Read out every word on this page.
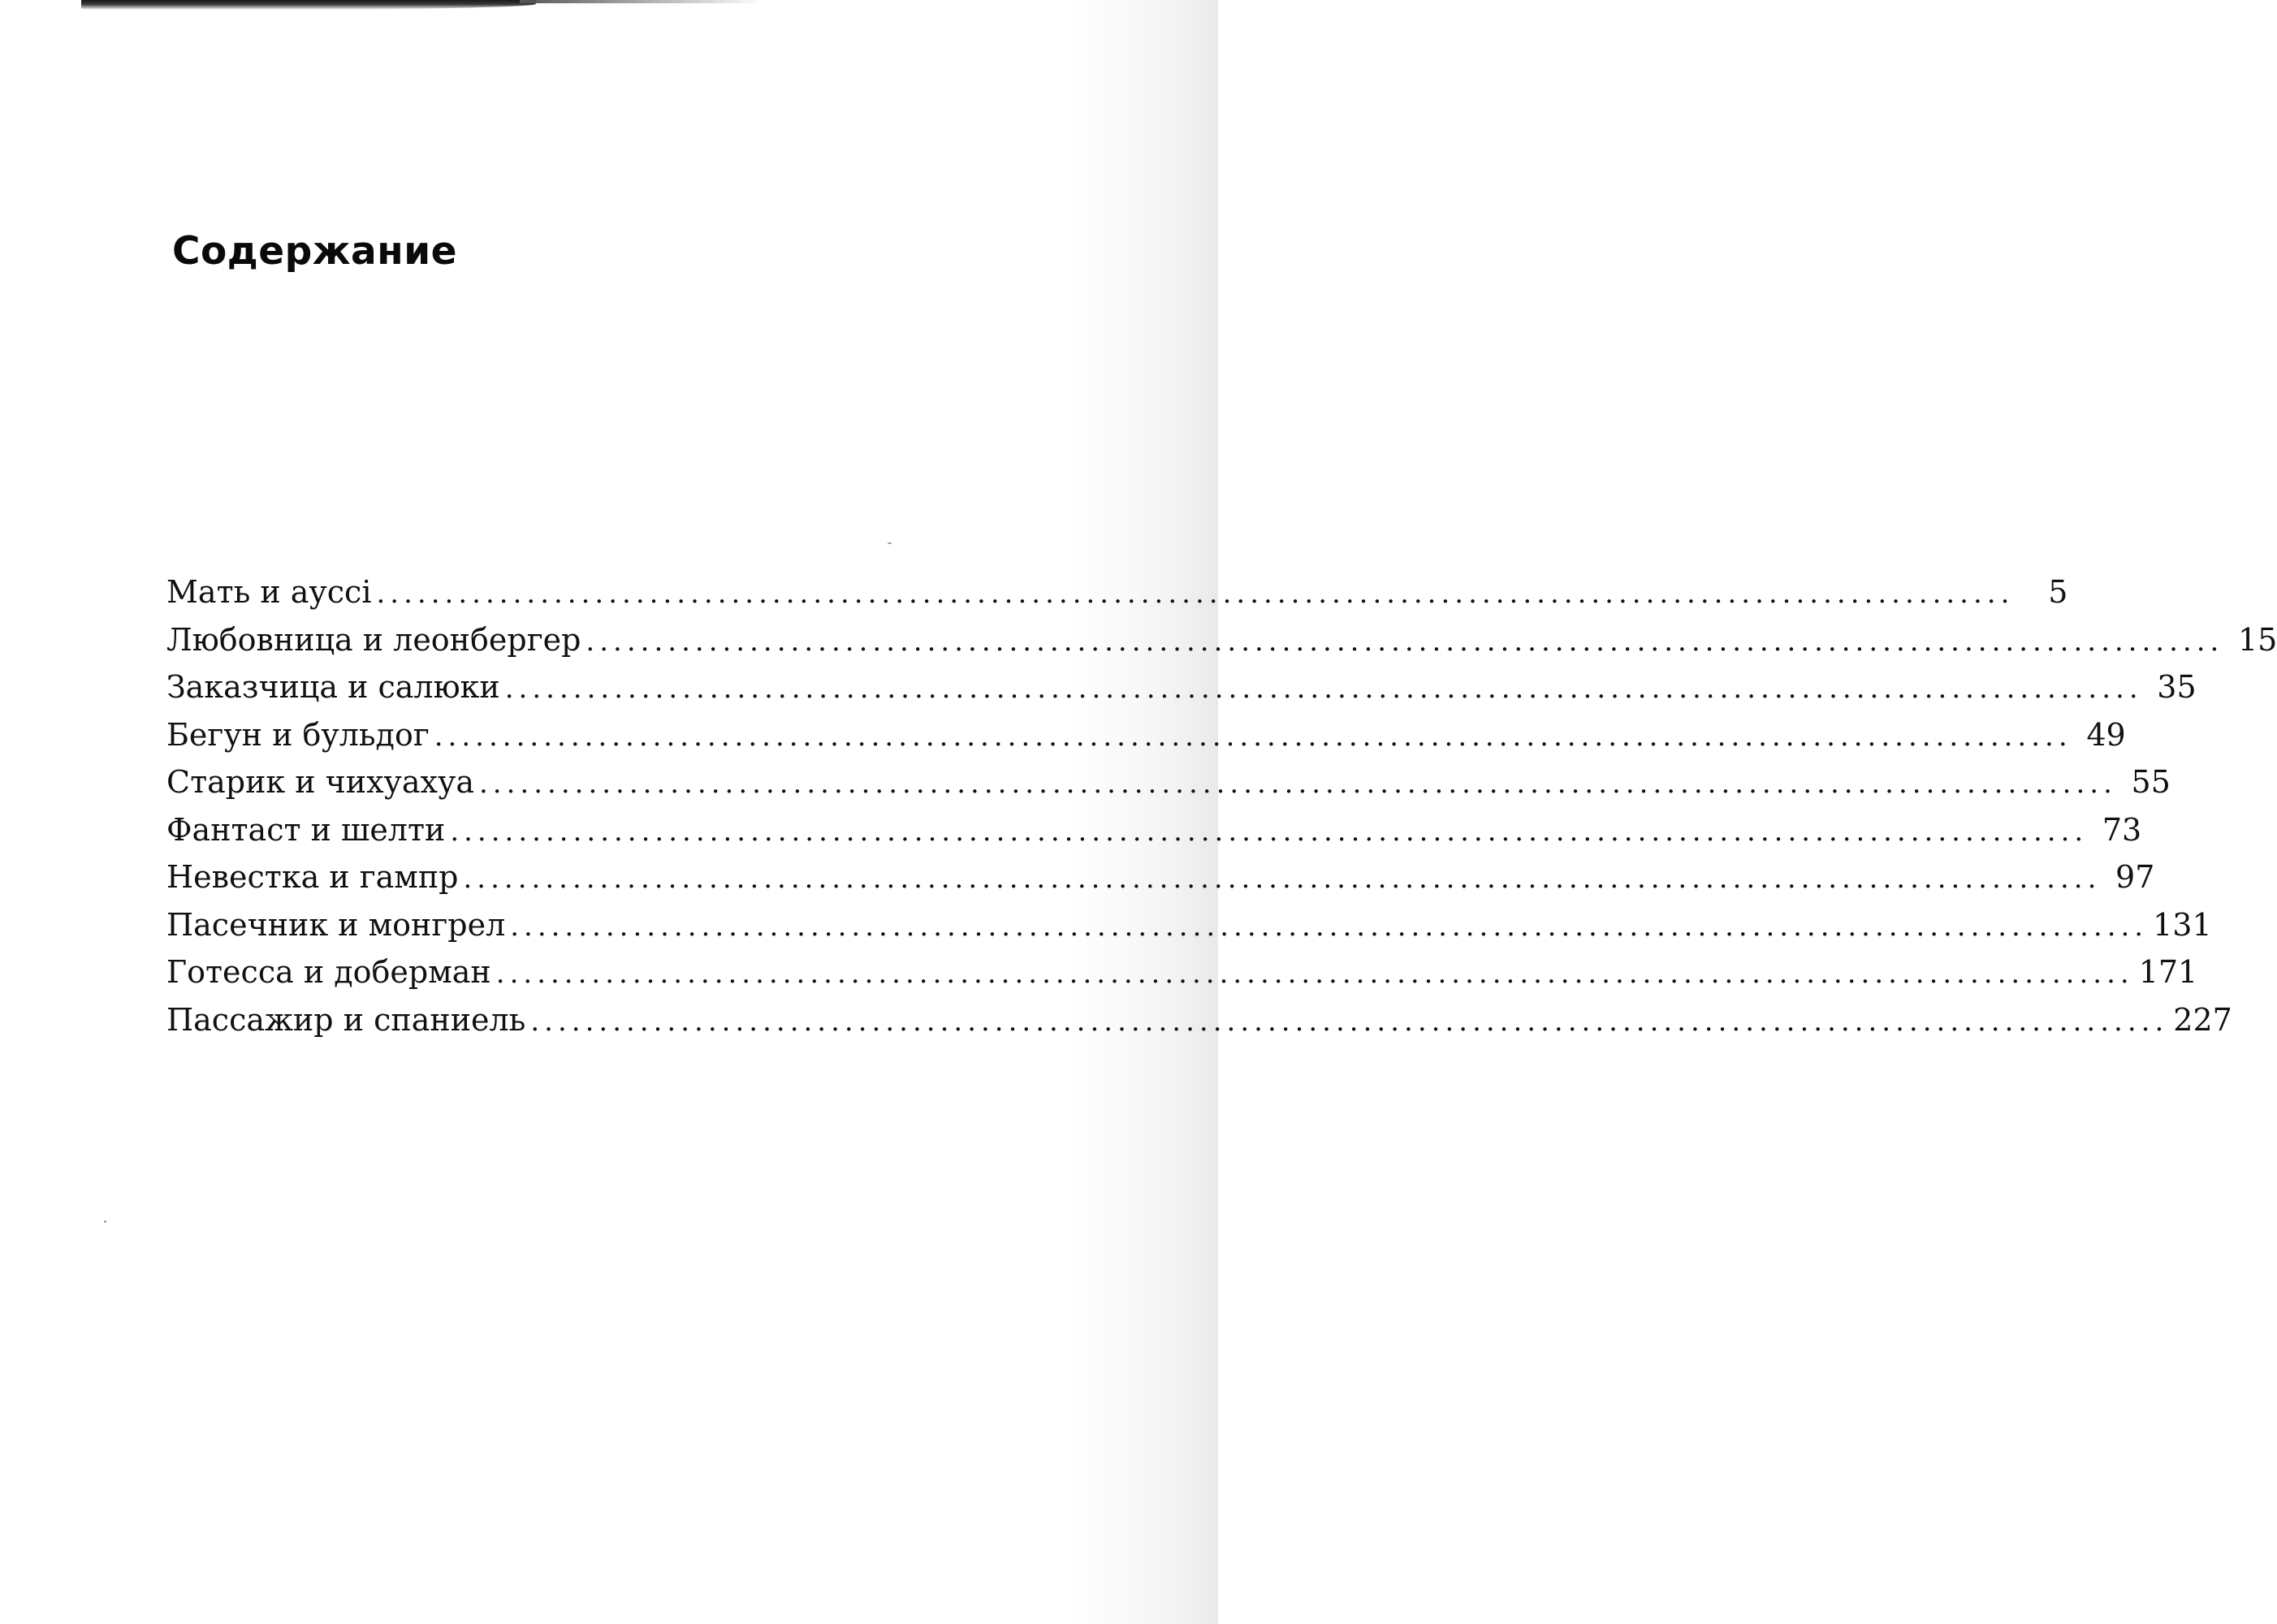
Содержание
Мать и ауссi ........................................................................................................................	5
Любовница и леонбергер ........................................................................................................................ 15
Заказчица и салюки ........................................................................................................................ 35
Бегун и бульдог ........................................................................................................................ 49
Старик и чихуахуа ........................................................................................................................ 55
Фантаст и шелти ........................................................................................................................ 73
Невестка и гампр ........................................................................................................................ 97
Пасечник и монгрел ........................................................................................................................ 131
Готесса и доберман ........................................................................................................................ 171
Пассажир и спаниель ........................................................................................................................ 227
